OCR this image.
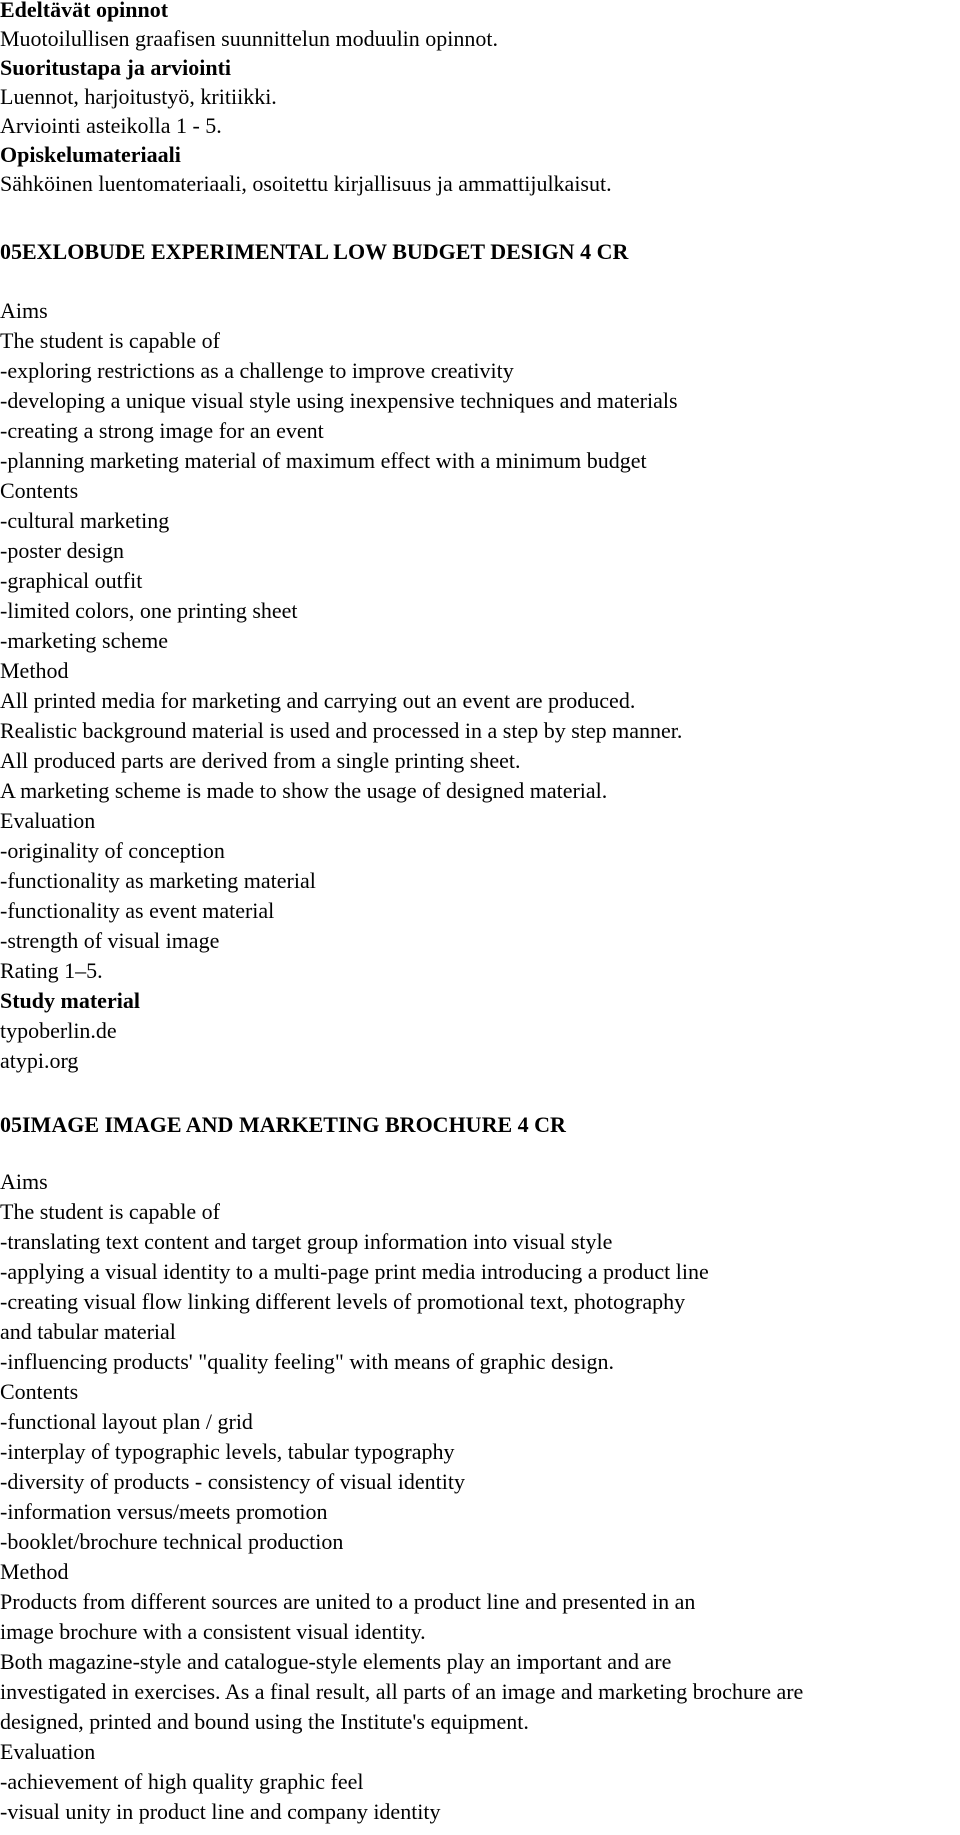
Edeltävät opinnot
Muotoilullisen graafisen suunnittelun moduulin opinnot.
Suoritustapa ja arviointi
Luennot, harjoitustyö, kritiikki.
Arviointi asteikolla 1 - 5.
Opiskelumateriaali
Sähköinen luentomateriaali, osoitettu kirjallisuus ja ammattijulkaisut.
05EXLOBUDE EXPERIMENTAL LOW BUDGET DESIGN 4 CR
Aims
The student is capable of
-exploring restrictions as a challenge to improve creativity
-developing a unique visual style using inexpensive techniques and materials
-creating a strong image for an event
-planning marketing material of maximum effect with a minimum budget
Contents
-cultural marketing
-poster design
-graphical outfit
-limited colors, one printing sheet
-marketing scheme
Method
All printed media for marketing and carrying out an event are produced.
Realistic background material is used and processed in a step by step manner.
All produced parts are derived from a single printing sheet.
A marketing scheme is made to show the usage of designed material.
Evaluation
-originality of conception
-functionality as marketing material
-functionality as event material
-strength of visual image
Rating 1–5.
Study material
typoberlin.de
atypi.org
05IMAGE IMAGE AND MARKETING BROCHURE 4 CR
Aims
The student is capable of
-translating text content and target group information into visual style
-applying a visual identity to a multi-page print media introducing a product line
-creating visual flow linking different levels of promotional text, photography
and tabular material
-influencing products' "quality feeling" with means of graphic design.
Contents
-functional layout plan / grid
-interplay of typographic levels, tabular typography
-diversity of products - consistency of visual identity
-information versus/meets promotion
-booklet/brochure technical production
Method
Products from different sources are united to a product line and presented in an
image brochure with a consistent visual identity.
Both magazine-style and catalogue-style elements play an important and are
investigated in exercises. As a final result, all parts of an image and marketing brochure are
designed, printed and bound using the Institute's equipment.
Evaluation
-achievement of high quality graphic feel
-visual unity in product line and company identity
